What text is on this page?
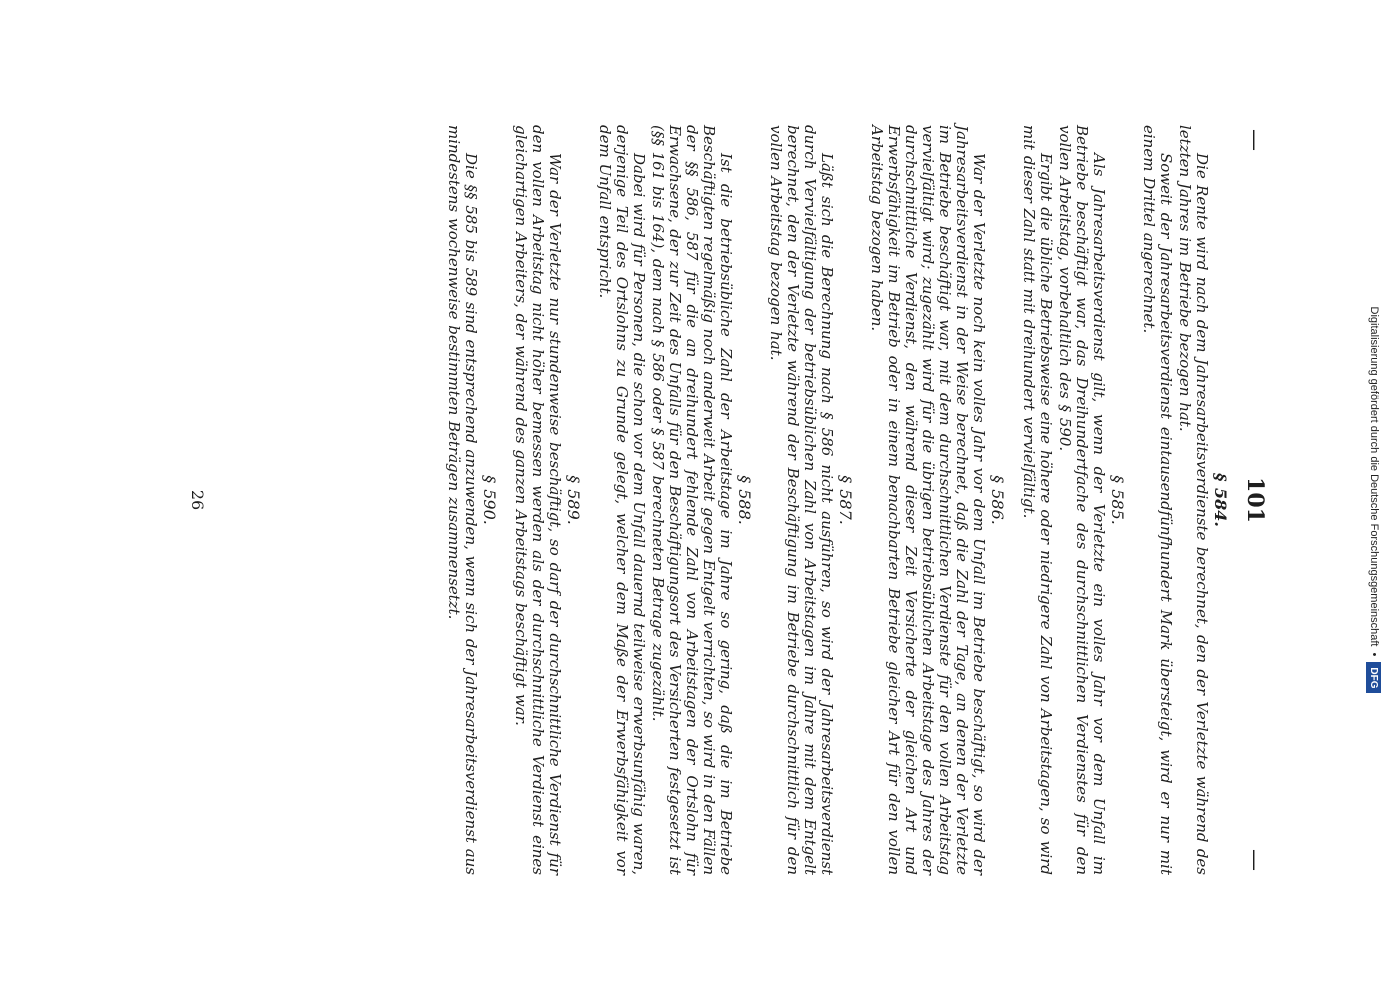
—
101
—
§ 584.

Die Rente wird nach dem Jahresarbeitsverdienste berechnet, den der Verletzte während des letzten Jahres im Betriebe bezogen hat.

Soweit der Jahresarbeitsverdienst eintausendfünfhundert Mark übersteigt, wird er nur mit einem Drittel angerechnet.

§ 585.

Als Jahresarbeitsverdienst gilt, wenn der Verletzte ein volles Jahr vor dem Unfall im Betriebe beschäftigt war, das Dreihundertfache des durchschnittlichen Verdienstes für den vollen Arbeitstag, vorbehaltlich des § 590.

Ergibt die übliche Betriebsweise eine höhere oder niedrigere Zahl von Arbeitstagen, so wird mit dieser Zahl statt mit dreihundert vervielfältigt.

§ 586.

War der Verletzte noch kein volles Jahr vor dem Unfall im Betriebe beschäftigt, so wird der Jahresarbeitsverdienst in der Weise berechnet, daß die Zahl der Tage, an denen der Verletzte im Betriebe beschäftigt war, mit dem durchschnittlichen Verdienste für den vollen Arbeitstag vervielfältigt wird; zugezählt wird für die übrigen betriebsüblichen Arbeitstage des Jahres der durchschnittliche Verdienst, den während dieser Zeit Versicherte der gleichen Art und Erwerbsfähigkeit im Betrieb oder in einem benachbarten Betriebe gleicher Art für den vollen Arbeitstag bezogen haben.

§ 587.

Läßt sich die Berechnung nach § 586 nicht ausführen, so wird der Jahresarbeitsverdienst durch Vervielfältigung der betriebsüblichen Zahl von Arbeitstagen im Jahre mit dem Entgelt berechnet, den der Verletzte während der Beschäftigung im Betriebe durchschnittlich für den vollen Arbeitstag bezogen hat.

§ 588.

Ist die betriebsübliche Zahl der Arbeitstage im Jahre so gering, daß die im Betriebe Beschäftigten regelmäßig noch anderweit Arbeit gegen Entgelt verrichten, so wird in den Fällen der §§ 586, 587 für die an dreihundert fehlende Zahl von Arbeitstagen der Ortslohn für Erwachsene, der zur Zeit des Unfalls für den Beschäftigungsort des Versicherten festgesetzt ist (§§ 161 bis 164), dem nach § 586 oder § 587 berechneten Betrage zugezählt.

Dabei wird für Personen, die schon vor dem Unfall dauernd teilweise erwerbsunfähig waren, derjenige Teil des Ortslohns zu Grunde gelegt, welcher dem Maße der Erwerbsfähigkeit vor dem Unfall entspricht.

§ 589.

War der Verletzte nur stundenweise beschäftigt, so darf der durchschnittliche Verdienst für den vollen Arbeitstag nicht höher bemessen werden als der durchschnittliche Verdienst eines gleichartigen Arbeiters, der während des ganzen Arbeitstags beschäftigt war.

§ 590.

Die §§ 585 bis 589 sind entsprechend anzuwenden, wenn sich der Jahresarbeitsverdienst aus mindestens wochenweise bestimmten Beträgen zusammensetzt.

26	Digitalisierung gefördert durch die Deutsche Forschungsgemeinschaft
•
DFG
